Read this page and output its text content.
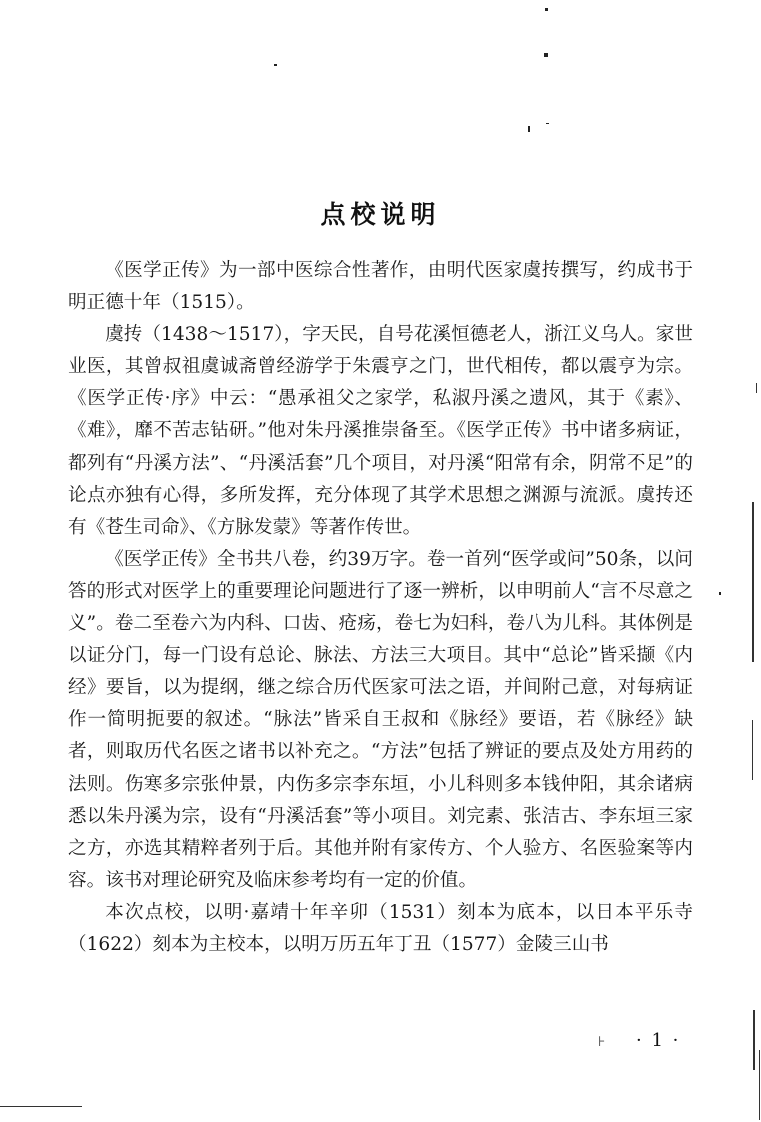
点校说明

《医学正传》为一部中医综合性著作，由明代医家虞抟撰写，约成书于明正德十年（1515）。

虞抟（1438～1517），字天民，自号花溪恒德老人，浙江义乌人。家世业医，其曾叔祖虞诚斋曾经游学于朱震亨之门，世代相传，都以震亨为宗。《医学正传·序》中云：“愚承祖父之家学，私淑丹溪之遗风，其于《素》、《难》，靡不苦志钻研。”他对朱丹溪推崇备至。《医学正传》书中诸多病证，都列有“丹溪方法”、“丹溪活套”几个项目，对丹溪“阳常有余，阴常不足”的论点亦独有心得，多所发挥，充分体现了其学术思想之渊源与流派。虞抟还有《苍生司命》、《方脉发蒙》等著作传世。

《医学正传》全书共八卷，约39万字。卷一首列“医学或问”50条，以问答的形式对医学上的重要理论问题进行了逐一辨析，以申明前人“言不尽意之义”。卷二至卷六为内科、口齿、疮疡，卷七为妇科，卷八为儿科。其体例是以证分门，每一门设有总论、脉法、方法三大项目。其中“总论”皆采撷《内经》要旨，以为提纲，继之综合历代医家可法之语，并间附己意，对每病证作一简明扼要的叙述。“脉法”皆采自王叔和《脉经》要语，若《脉经》缺者，则取历代名医之诸书以补充之。“方法”包括了辨证的要点及处方用药的法则。伤寒多宗张仲景，内伤多宗李东垣，小儿科则多本钱仲阳，其余诸病悉以朱丹溪为宗，设有“丹溪活套”等小项目。刘完素、张洁古、李东垣三家之方，亦选其精粹者列于后。其他并附有家传方、个人验方、名医验案等内容。该书对理论研究及临床参考均有一定的价值。

本次点校，以明·嘉靖十年辛卯（1531）刻本为底本，以日本平乐寺（1622）刻本为主校本，以明万历五年丁丑（1577）金陵三山书

⊦ · 1 ·
